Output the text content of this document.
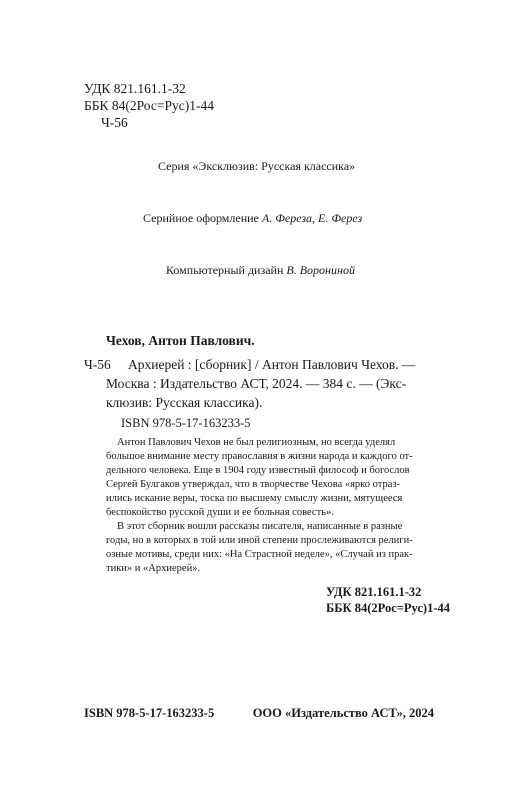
УДК 821.161.1-32
ББК 84(2Рос=Рус)1-44
Ч-56
Серия «Эксклюзив: Русская классика»
Серийное оформление А. Фереза, Е. Ферез
Компьютерный дизайн В. Ворониной
Чехов, Антон Павлович.
Ч-56 Архиерей : [сборник] / Антон Павлович Чехов. —
Москва : Издательство АСТ, 2024. — 384 с. — (Экс-
клюзив: Русская классика).
ISBN 978-5-17-163233-5
Антон Павлович Чехов не был религиозным, но всегда уделял
большое внимание месту православия в жизни народа и каждого от-
дельного человека. Еще в 1904 году известный философ и богослов
Сергей Булгаков утверждал, что в творчестве Чехова «ярко отраз-
ились искание веры, тоска по высшему смыслу жизни, мятущееся
беспокойство русской души и ее больная совесть».
В этот сборник вошли рассказы писателя, написанные в разные
годы, но в которых в той или иной степени прослеживаются религи-
озные мотивы, среди них: «На Страстной неделе», «Случай из прак-
тики» и «Архиерей».
УДК 821.161.1-32
ББК 84(2Рос=Рус)1-44
ISBN 978-5-17-163233-5	ООО «Издательство АСТ», 2024
